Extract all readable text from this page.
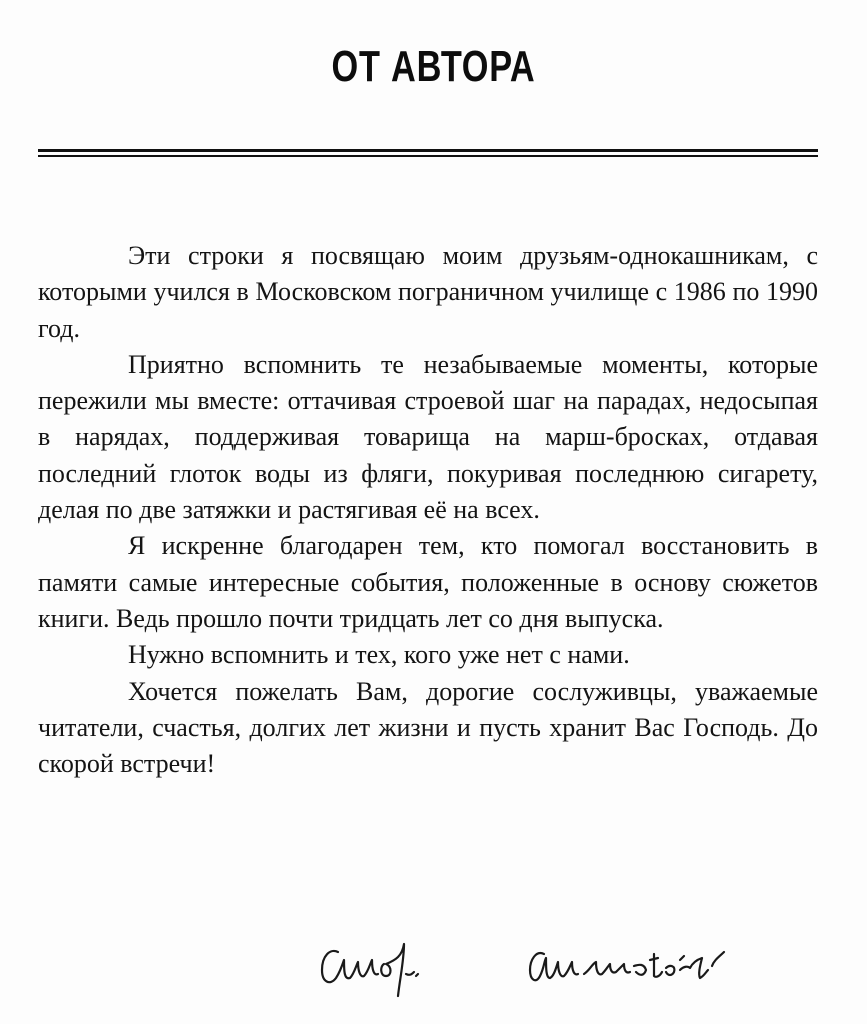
ОТ АВТОРА

Эти строки я посвящаю моим друзьям-однокашникам, с которыми учился в Московском пограничном училище с 1986 по 1990 год.

Приятно вспомнить те незабываемые моменты, которые пережили мы вместе: оттачивая строевой шаг на парадах, недосыпая в нарядах, поддерживая товарища на марш-бросках, отдавая последний глоток воды из фляги, покуривая последнюю сигарету, делая по две затяжки и растягивая её на всех.

Я искренне благодарен тем, кто помогал восстановить в памяти самые интересные события, положенные в основу сюжетов книги. Ведь прошло почти тридцать лет со дня выпуска.

Нужно вспомнить и тех, кого уже нет с нами.

Хочется пожелать Вам, дорогие сослуживцы, уважаемые читатели, счастья, долгих лет жизни и пусть хранит Вас Господь. До скорой встречи!
